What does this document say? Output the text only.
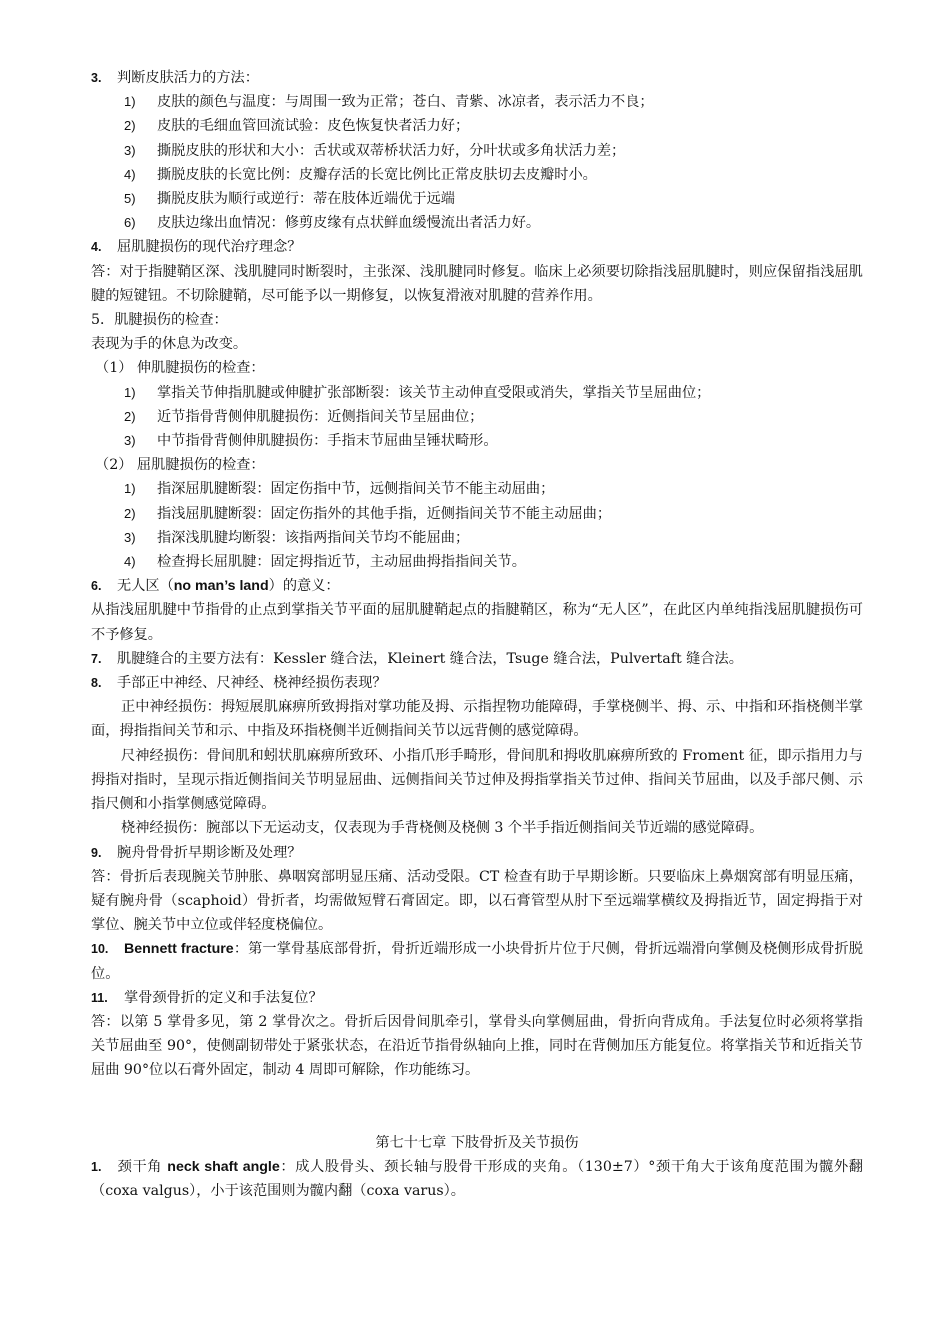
3.	判断皮肤活力的方法：
1)	皮肤的颜色与温度：与周围一致为正常；苍白、青紫、冰凉者，表示活力不良；
2)	皮肤的毛细血管回流试验：皮色恢复快者活力好；
3)	撕脱皮肤的形状和大小：舌状或双蒂桥状活力好，分叶状或多角状活力差；
4)	撕脱皮肤的长宽比例：皮瓣存活的长宽比例比正常皮肤切去皮瓣时小。
5)	撕脱皮肤为顺行或逆行：蒂在肢体近端优于远端
6)	皮肤边缘出血情况：修剪皮缘有点状鲜血缓慢流出者活力好。
4.	屈肌腱损伤的现代治疗理念？
答：对于指腱鞘区深、浅肌腱同时断裂时，主张深、浅肌腱同时修复。临床上必须要切除指浅屈肌腱时，则应保留指浅屈肌腱的短键钮。不切除腱鞘，尽可能予以一期修复，以恢复滑液对肌腱的营养作用。
5．肌腱损伤的检查：
表现为手的休息为改变。
（1） 伸肌腱损伤的检查：
1)	掌指关节伸指肌腱或伸腱扩张部断裂：该关节主动伸直受限或消失，掌指关节呈屈曲位；
2)	近节指骨背侧伸肌腱损伤：近侧指间关节呈屈曲位；
3)	中节指骨背侧伸肌腱损伤：手指末节屈曲呈锤状畸形。
（2） 屈肌腱损伤的检查：
1)	指深屈肌腱断裂：固定伤指中节，远侧指间关节不能主动屈曲；
2)	指浅屈肌腱断裂：固定伤指外的其他手指，近侧指间关节不能主动屈曲；
3)	指深浅肌腱均断裂：该指两指间关节均不能屈曲；
4)	检查拇长屈肌腱：固定拇指近节，主动屈曲拇指指间关节。
6.	无人区（no man’s land）的意义：
从指浅屈肌腱中节指骨的止点到掌指关节平面的屈肌腱鞘起点的指腱鞘区，称为“无人区”，在此区内单纯指浅屈肌腱损伤可不予修复。
7.	肌腱缝合的主要方法有：Kessler 缝合法，Kleinert 缝合法，Tsuge 缝合法，Pulvertaft 缝合法。
8.	手部正中神经、尺神经、桡神经损伤表现？
正中神经损伤：拇短展肌麻痹所致拇指对掌功能及拇、示指捏物功能障碍，手掌桡侧半、拇、示、中指和环指桡侧半掌面，拇指指间关节和示、中指及环指桡侧半近侧指间关节以远背侧的感觉障碍。
尺神经损伤：骨间肌和蚓状肌麻痹所致环、小指爪形手畸形，骨间肌和拇收肌麻痹所致的 Froment 征，即示指用力与拇指对指时，呈现示指近侧指间关节明显屈曲、远侧指间关节过伸及拇指掌指关节过伸、指间关节屈曲，以及手部尺侧、示指尺侧和小指掌侧感觉障碍。
桡神经损伤：腕部以下无运动支，仅表现为手背桡侧及桡侧 3 个半手指近侧指间关节近端的感觉障碍。
9.	腕舟骨骨折早期诊断及处理？
答：骨折后表现腕关节肿胀、鼻咽窝部明显压痛、活动受限。CT 检查有助于早期诊断。只要临床上鼻烟窝部有明显压痛，疑有腕舟骨（scaphoid）骨折者，均需做短臂石膏固定。即，以石膏管型从肘下至远端掌横纹及拇指近节，固定拇指于对掌位、腕关节中立位或伴轻度桡偏位。
10. Bennett fracture：第一掌骨基底部骨折，骨折近端形成一小块骨折片位于尺侧，骨折远端滑向掌侧及桡侧形成骨折脱位。
11.	掌骨颈骨折的定义和手法复位？
答：以第 5 掌骨多见，第 2 掌骨次之。骨折后因骨间肌牵引，掌骨头向掌侧屈曲，骨折向背成角。手法复位时必须将掌指关节屈曲至 90°，使侧副韧带处于紧张状态，在沿近节指骨纵轴向上推，同时在背侧加压方能复位。将掌指关节和近指关节屈曲 90°位以石膏外固定，制动 4 周即可解除，作功能练习。
第七十七章 下肢骨折及关节损伤
1. 颈干角 neck shaft angle：成人股骨头、颈长轴与股骨干形成的夹角。（130±7）°颈干角大于该角度范围为髋外翻（coxa valgus），小于该范围则为髋内翻（coxa varus）。
